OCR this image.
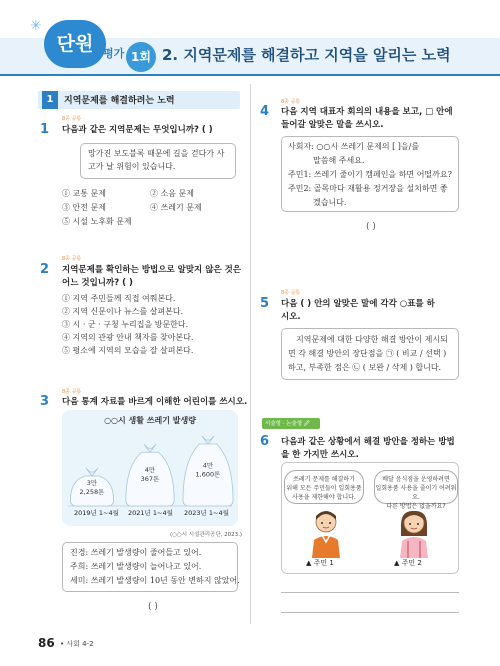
✳
단원 평가 1회 2. 지역문제를 해결하고 지역을 알리는 노력
1	지역문제를 해결하려는 노력
8종 공통
1 다음과 같은 지역문제는 무엇입니까? ( )
망가진 보도블록 때문에 길을 걷다가 사고가 날 위험이 있습니다.
① 교통 문제	② 소음 문제
③ 안전 문제	④ 쓰레기 문제
⑤ 시설 노후화 문제
8종 공통
2 지역문제를 확인하는 방법으로 알맞지 않은 것은
어느 것입니까? ( )
① 지역 주민들께 직접 여쭤본다.
② 지역 신문이나 뉴스를 살펴본다.
③ 시 · 군 · 구청 누리집을 방문한다.
④ 지역의 관광 안내 책자를 찾아본다.
⑤ 평소에 지역의 모습을 잘 살펴본다.
8종 공통
3 다음 통계 자료를 바르게 이해한 어린이를 쓰시오.
○○시 생활 쓰레기 발생량
3만
2,258톤
4만
367톤
4만
1,600톤
2019년 1~4월 2021년 1~4월 2023년 1~4월
(○○시 시설관리공단, 2023.)
진경: 쓰레기 발생량이 줄어들고 있어.
주희: 쓰레기 발생량이 늘어나고 있어.
세미: 쓰레기 발생량이 10년 동안 변하지 않았어.
( )
8종 공통
4 다음 지역 대표자 회의의 내용을 보고, □ 안에
들어갈 알맞은 말을 쓰시오.
사회자: ○○시 쓰레기 문제의 [ ]을/를
말씀해 주세요.
주민1: 쓰레기 줄이기 캠페인을 하면 어떨까요?
주민2: 골목마다 재활용 정거장을 설치하면 좋
겠습니다.
( )
8종 공통
5 다음 ( ) 안의 알맞은 말에 각각 ○표를 하
시오.
지역문제에 대한 다양한 해결 방안이 제시되
면 각 해결 방안의 장단점을 ㉠ ( 비교 / 선택 )
하고, 부족한 점은 ㉡ ( 보완 / 삭제 ) 합니다.
서술형 · 논술형 🖉
6 다음과 같은 상황에서 해결 방안을 정하는 방법
을 한 가지만 쓰시오.
쓰레기 문제를 해결하기
위해 모든 주민들이 일회용품
사용을 제한해야 합니다.
배달 음식점을 운영하려면
일회용품 사용을 줄이기 어려워요.
다른 방법은 없을까요?
▲ 주민 1	▲ 주민 2
86 • 사회 4-2
